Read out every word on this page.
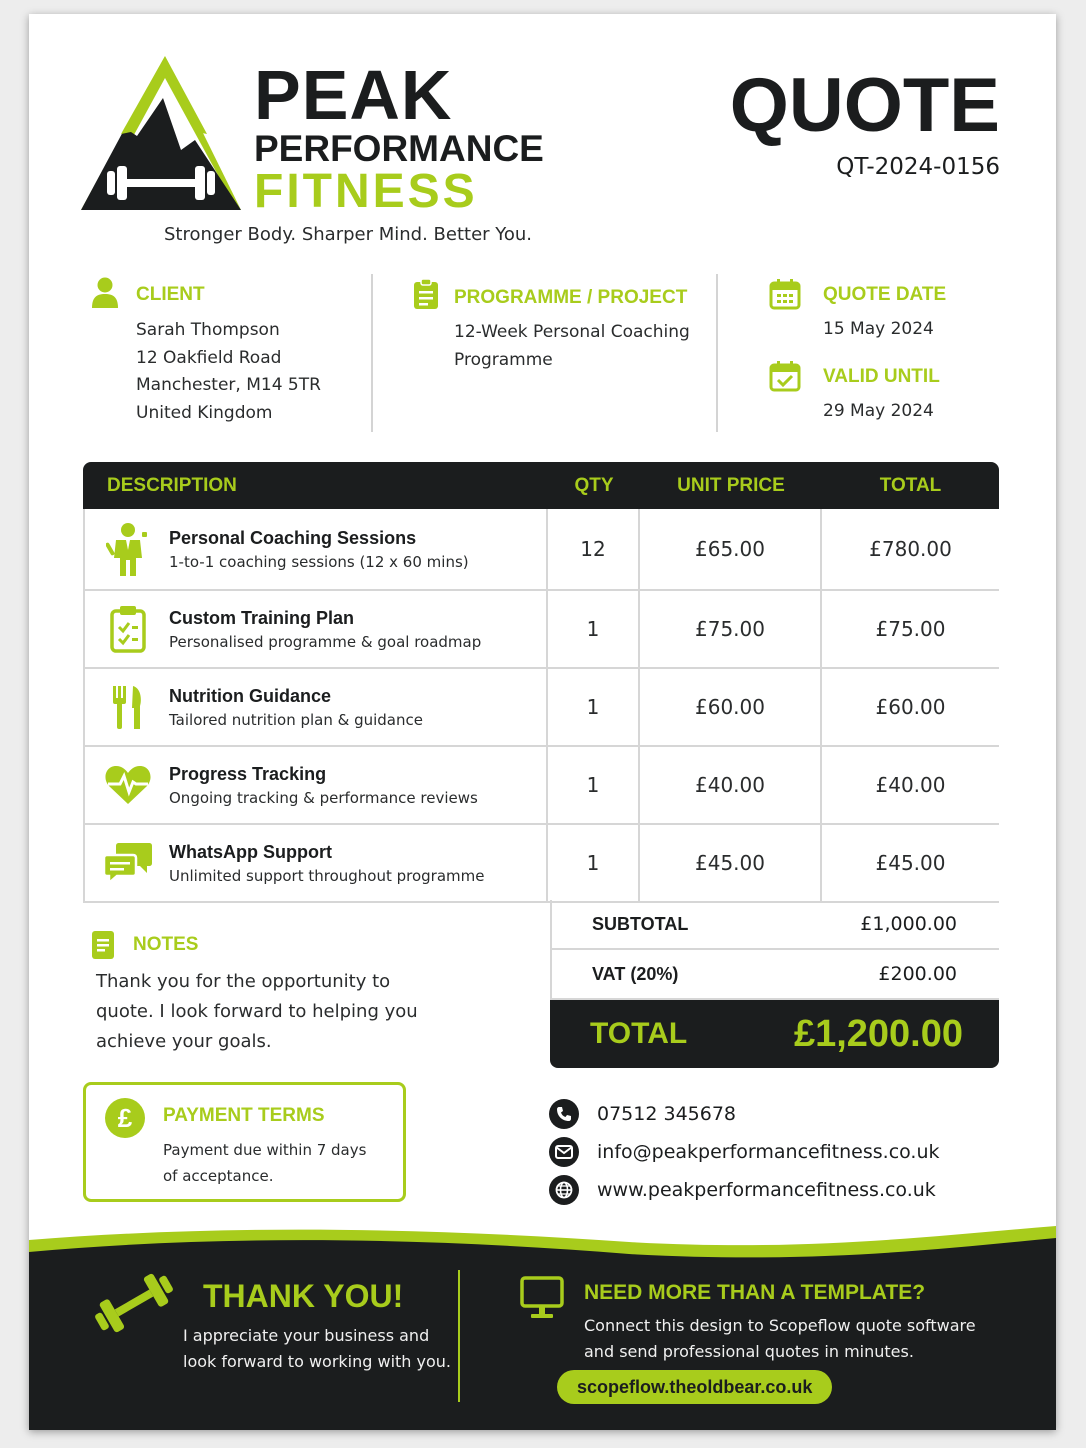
PEAK
PERFORMANCE
FITNESS
Stronger Body. Sharper Mind. Better You.
QUOTE
QT-2024-0156
CLIENT
Sarah Thompson
12 Oakfield Road
Manchester, M14 5TR
United Kingdom
PROGRAMME / PROJECT
12-Week Personal Coaching
Programme
QUOTE DATE
15 May 2024
VALID UNTIL
29 May 2024
DESCRIPTION	QTY	UNIT PRICE	TOTAL

Personal Coaching Sessions
1-to-1 coaching sessions (12 x 60 mins)	12	£65.00	£780.00

Custom Training Plan
Personalised programme & goal roadmap	1	£75.00	£75.00

Nutrition Guidance
Tailored nutrition plan & guidance	1	£60.00	£60.00

Progress Tracking
Ongoing tracking & performance reviews	1	£40.00	£40.00

WhatsApp Support
Unlimited support throughout programme	1	£45.00	£45.00
SUBTOTAL	£1,000.00
VAT (20%)	£200.00
TOTAL	£1,200.00
NOTES
Thank you for the opportunity to
quote. I look forward to helping you
achieve your goals.
£	PAYMENT TERMS
Payment due within 7 days
of acceptance.
07512 345678
info@peakperformancefitness.co.uk
www.peakperformancefitness.co.uk
THANK YOU!
I appreciate your business and
look forward to working with you.
NEED MORE THAN A TEMPLATE?
Connect this design to Scopeflow quote software
and send professional quotes in minutes.
scopeflow.theoldbear.co.uk
